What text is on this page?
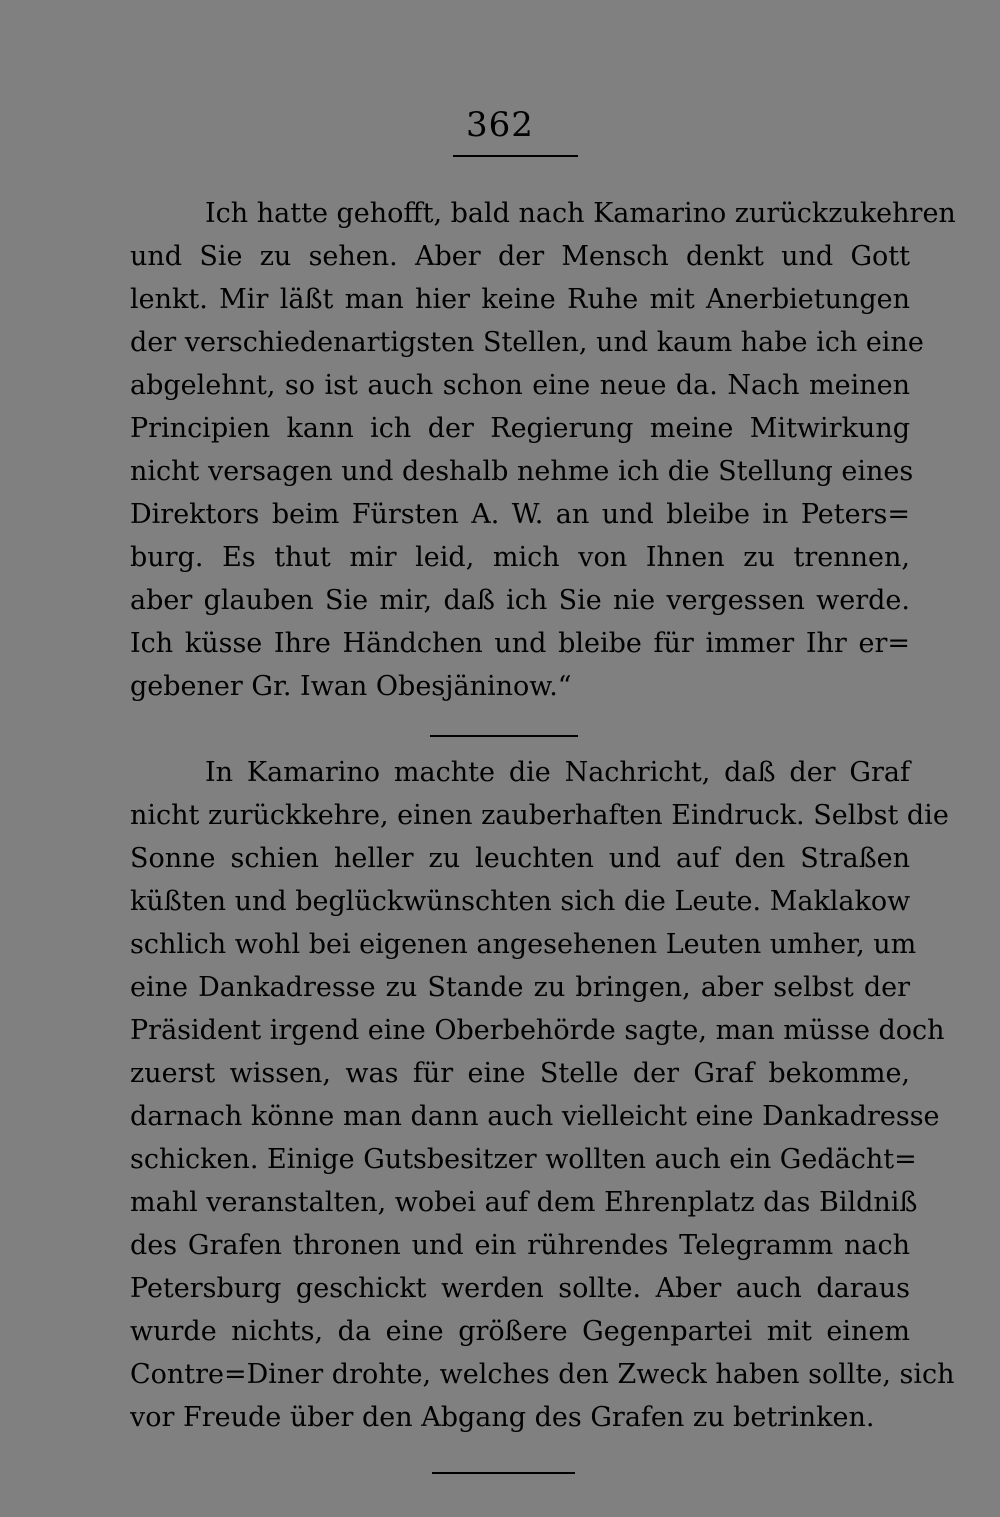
362
Ich hatte gehofft, bald nach Kamarino zurückzukehren
und Sie zu sehen. Aber der Mensch denkt und Gott
lenkt. Mir läßt man hier keine Ruhe mit Anerbietungen
der verschiedenartigsten Stellen, und kaum habe ich eine
abgelehnt, so ist auch schon eine neue da. Nach meinen
Principien kann ich der Regierung meine Mitwirkung
nicht versagen und deshalb nehme ich die Stellung eines
Direktors beim Fürsten A. W. an und bleibe in Peters=
burg. Es thut mir leid, mich von Ihnen zu trennen,
aber glauben Sie mir, daß ich Sie nie vergessen werde.
Ich küsse Ihre Händchen und bleibe für immer Ihr er=
gebener Gr. Iwan Obesjäninow.“
In Kamarino machte die Nachricht, daß der Graf
nicht zurückkehre, einen zauberhaften Eindruck. Selbst die
Sonne schien heller zu leuchten und auf den Straßen
küßten und beglückwünschten sich die Leute. Maklakow
schlich wohl bei eigenen angesehenen Leuten umher, um
eine Dankadresse zu Stande zu bringen, aber selbst der
Präsident irgend eine Oberbehörde sagte, man müsse doch
zuerst wissen, was für eine Stelle der Graf bekomme,
darnach könne man dann auch vielleicht eine Dankadresse
schicken. Einige Gutsbesitzer wollten auch ein Gedächt=
mahl veranstalten, wobei auf dem Ehrenplatz das Bildniß
des Grafen thronen und ein rührendes Telegramm nach
Petersburg geschickt werden sollte. Aber auch daraus
wurde nichts, da eine größere Gegenpartei mit einem
Contre=Diner drohte, welches den Zweck haben sollte, sich
vor Freude über den Abgang des Grafen zu betrinken.
